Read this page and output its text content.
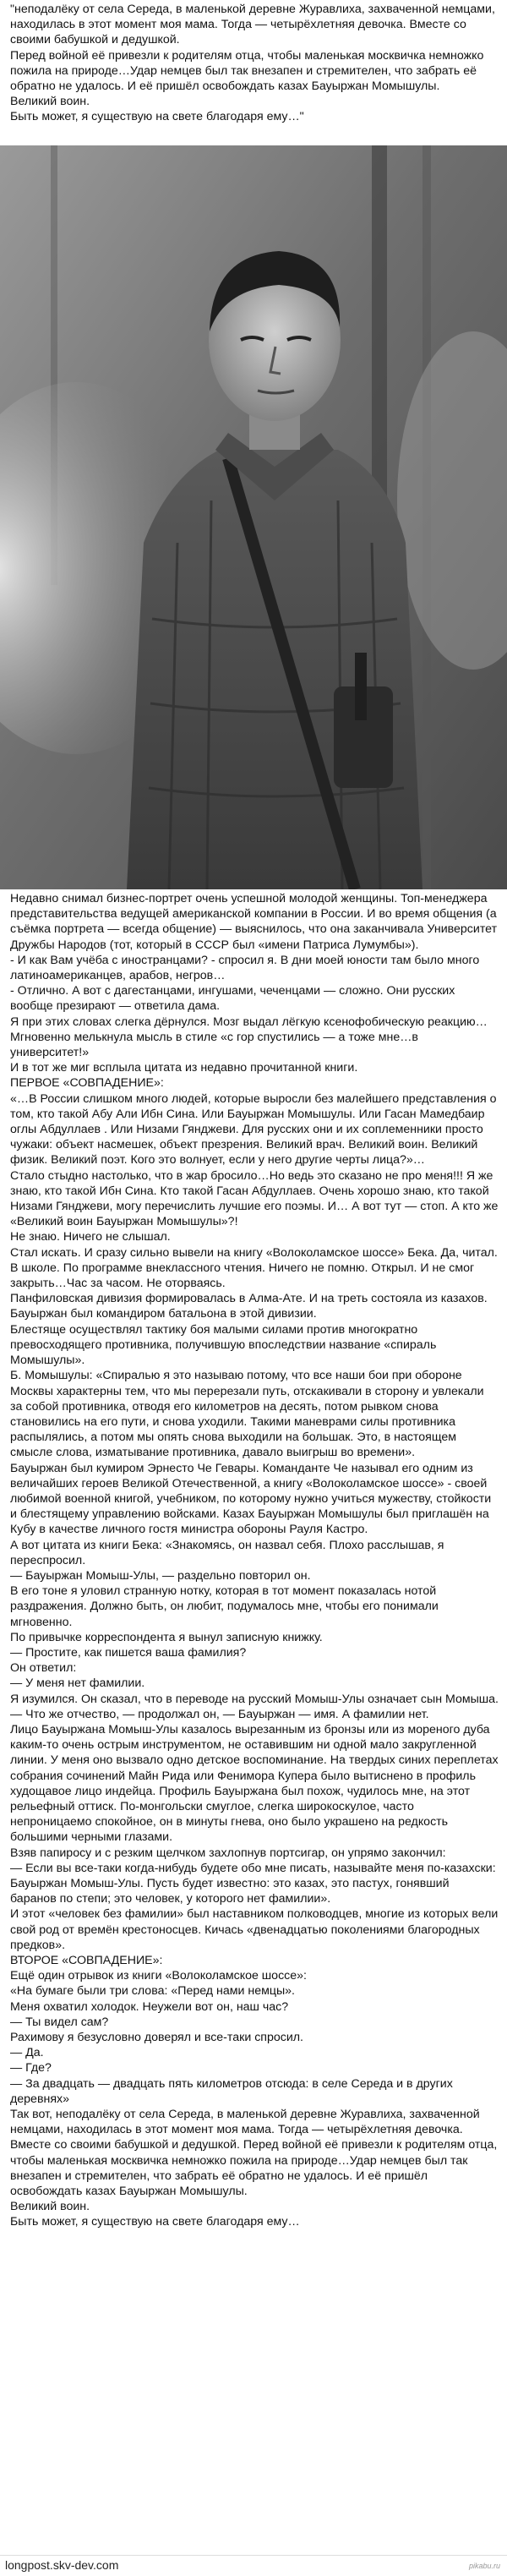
"неподалёку от села Середа, в маленькой деревне Журавлиха, захваченной немцами, находилась в этот момент моя мама. Тогда — четырёхлетняя девочка. Вместе со своими бабушкой и дедушкой.
Перед войной её привезли к родителям отца, чтобы маленькая москвичка немножко пожила на природе…Удар немцев был так внезапен и стремителен, что забрать её обратно не удалось. И её пришёл освобождать казах Бауыржан Момышулы.
Великий воин.
Быть может, я существую на свете благодаря ему…"
Недавно снимал бизнес-портрет очень успешной молодой женщины. Топ-менеджера представительства ведущей американской компании в России. И во время общения (а съёмка портрета — всегда общение) — выяснилось, что она заканчивала Университет Дружбы Народов (тот, который в СССР был «имени Патриса Лумумбы»).
- И как Вам учёба с иностранцами? - спросил я. В дни моей юности там было много латиноамериканцев, арабов, негров…
- Отлично. А вот с дагестанцами, ингушами, чеченцами — сложно. Они русских вообще презирают — ответила дама.
Я при этих словах слегка дёрнулся. Мозг выдал лёгкую ксенофобическую реакцию…
Мгновенно мелькнула мысль в стиле «с гор спустились — а тоже мне…в университет!»
И в тот же миг всплыла цитата из недавно прочитанной книги.
ПЕРВОЕ «СОВПАДЕНИЕ»:
«…В России слишком много людей, которые выросли без малейшего представления о том, кто такой Абу Али Ибн Сина. Или Бауыржан Момышулы. Или Гасан Мамедбаир оглы Абдуллаев . Или Низами Гянджеви. Для русских они и их соплеменники просто чужаки: объект насмешек, объект презрения. Великий врач. Великий воин. Великий физик. Великий поэт. Кого это волнует, если у него другие черты лица?»…
Стало стыдно настолько, что в жар бросило…Но ведь это сказано не про меня!!! Я же знаю, кто такой Ибн Сина. Кто такой Гасан Абдуллаев. Очень хорошо знаю, кто такой Низами Гянджеви, могу перечислить лучшие его поэмы. И… А вот тут — стоп. А кто же «Великий воин Бауыржан Момышулы»?!
Не знаю. Ничего не слышал.
Стал искать. И сразу сильно вывели на книгу «Волоколамское шоссе» Бека. Да, читал. В школе. По программе внеклассного чтения. Ничего не помню. Открыл. И не смог закрыть…Час за часом. Не оторваясь.
Панфиловская дивизия формировалась в Алма-Ате. И на треть состояла из казахов. Бауыржан был командиром батальона в этой дивизии.
Блестяще осуществлял тактику боя малыми силами против многократно превосходящего противника, получившую впоследствии название «спираль Момышулы».
Б. Момышулы: «Спиралью я это называю потому, что все наши бои при обороне Москвы характерны тем, что мы перерезали путь, отскакивали в сторону и увлекали за собой противника, отводя его километров на десять, потом рывком снова становились на его пути, и снова уходили. Такими маневрами силы противника распылялись, а потом мы опять снова выходили на большак. Это, в настоящем смысле слова, изматывание противника, давало выигрыш во времени».
Бауыржан был кумиром Эрнесто Че Гевары. Команданте Че называл его одним из величайших героев Великой Отечественной, а книгу «Волоколамское шоссе» - своей любимой военной книгой, учебником, по которому нужно учиться мужеству, стойкости и блестящему управлению войсками. Казах Бауыржан Момышулы был приглашён на Кубу в качестве личного гостя министра обороны Рауля Кастро.
А вот цитата из книги Бека: «Знакомясь, он назвал себя. Плохо расслышав, я переспросил.
— Бауыржан Момыш-Улы, — раздельно повторил он.
В его тоне я уловил странную нотку, которая в тот момент показалась нотой раздражения. Должно быть, он любит, подумалось мне, чтобы его понимали мгновенно.
По привычке корреспондента я вынул записную книжку.
— Простите, как пишется ваша фамилия?
Он ответил:
— У меня нет фамилии.
Я изумился. Он сказал, что в переводе на русский Момыш-Улы означает сын Момыша.
— Что же отчество, — продолжал он, — Бауыржан — имя. А фамилии нет.
Лицо Бауыржана Момыш-Улы казалось вырезанным из бронзы или из мореного дуба каким-то очень острым инструментом, не оставившим ни одной мало закругленной линии. У меня оно вызвало одно детское воспоминание. На твердых синих переплетах собрания сочинений Майн Рида или Фенимора Купера было вытиснено в профиль худощавое лицо индейца. Профиль Бауыржана был похож, чудилось мне, на этот рельефный оттиск. По-монгольски смуглое, слегка широкоскулое, часто непроницаемо спокойное, он в минуты гнева, оно было украшено на редкость большими черными глазами.
Взяв папиросу и с резким щелчком захлопнув портсигар, он упрямо закончил:
— Если вы все-таки когда-нибудь будете обо мне писать, называйте меня по-казахски: Бауыржан Момыш-Улы. Пусть будет известно: это казах, это пастух, гонявший баранов по степи; это человек, у которого нет фамилии».
И этот «человек без фамилии» был наставником полководцев, многие из которых вели свой род от времён крестоносцев. Кичась «двенадцатью поколениями благородных предков».
ВТОРОЕ «СОВПАДЕНИЕ»:
Ещё один отрывок из книги «Волоколамское шоссе»:
«На бумаге были три слова: «Перед нами немцы».
Меня охватил холодок. Неужели вот он, наш час?
— Ты видел сам?
Рахимову я безусловно доверял и все-таки спросил.
— Да.
— Где?
— За двадцать — двадцать пять километров отсюда: в селе Середа и в других деревнях»
Так вот, неподалёку от села Середа, в маленькой деревне Журавлиха, захваченной немцами, находилась в этот момент моя мама. Тогда — четырёхлетняя девочка. Вместе со своими бабушкой и дедушкой. Перед войной её привезли к родителям отца, чтобы маленькая москвичка немножко пожила на природе…Удар немцев был так внезапен и стремителен, что забрать её обратно не удалось. И её пришёл освобождать казах Бауыржан Момышулы.
Великий воин.
Быть может, я существую на свете благодаря ему…
longpost.skv-dev.com	pikabu.ru
